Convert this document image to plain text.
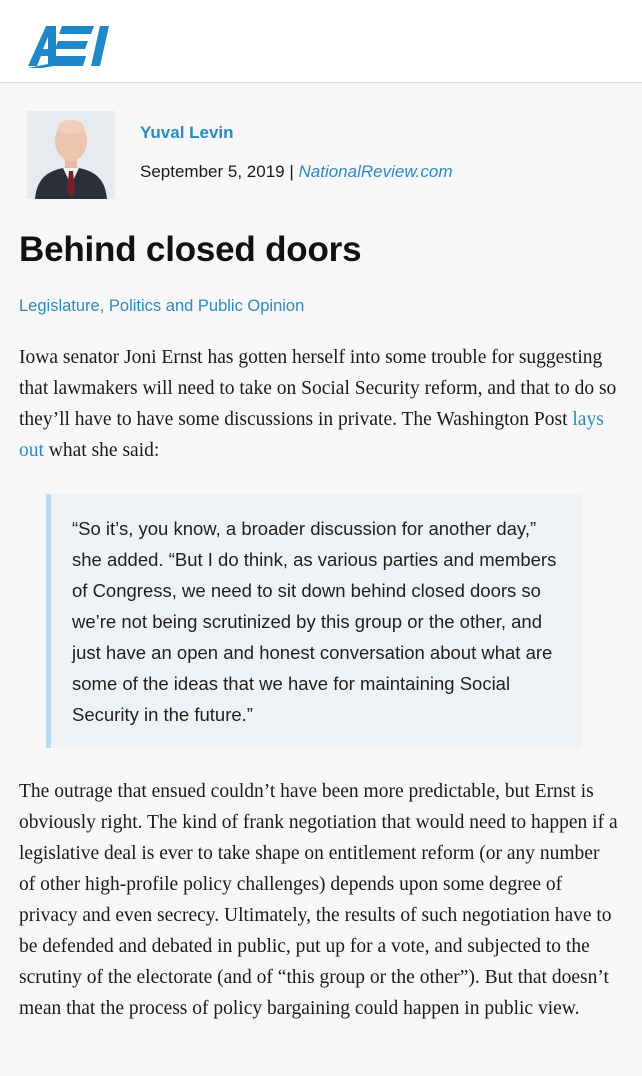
Yuval Levin
September 5, 2019 | NationalReview.com
Behind closed doors
Legislature, Politics and Public Opinion

Iowa senator Joni Ernst has gotten herself into some trouble for suggesting that lawmakers will need to take on Social Security reform, and that to do so they’ll have to have some discussions in private. The Washington Post lays out what she said:

“So it’s, you know, a broader discussion for another day,” she added. “But I do think, as various parties and members of Congress, we need to sit down behind closed doors so we’re not being scrutinized by this group or the other, and just have an open and honest conversation about what are some of the ideas that we have for maintaining Social Security in the future.”

The outrage that ensued couldn’t have been more predictable, but Ernst is obviously right. The kind of frank negotiation that would need to happen if a legislative deal is ever to take shape on entitlement reform (or any number of other high-profile policy challenges) depends upon some degree of privacy and even secrecy. Ultimately, the results of such negotiation have to be defended and debated in public, put up for a vote, and subjected to the scrutiny of the electorate (and of “this group or the other”). But that doesn’t mean that the process of policy bargaining could happen in public view.
